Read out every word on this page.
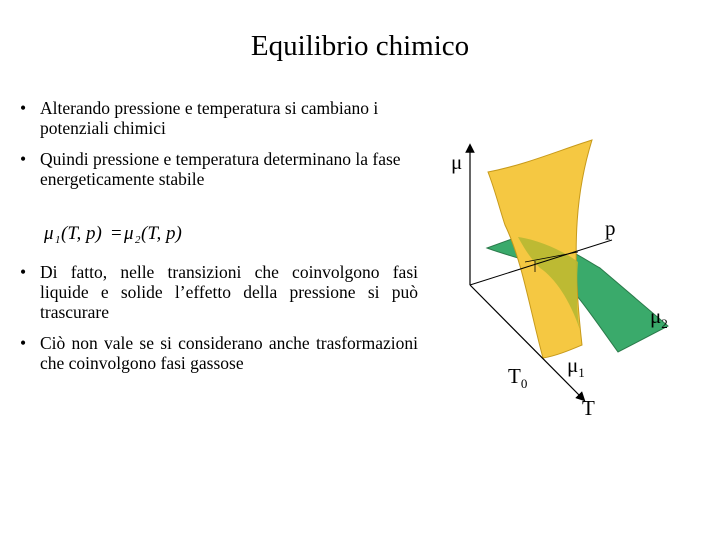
Equilibrio chimico
• Alterando pressione e temperatura si cambiano i potenziali chimici
• Quindi pressione e temperatura determinano la fase energeticamente stabile
μ 1 (T, p) = μ 2 (T, p)
• Di fatto, nelle transizioni che coinvolgono fasi liquide e solide l’effetto della pressione si può trascurare
• Ciò non vale se si considerano anche trasformazioni che coinvolgono fasi gassose
μ
p
T
$T_0$
$\mu_1$
$\mu_2$
